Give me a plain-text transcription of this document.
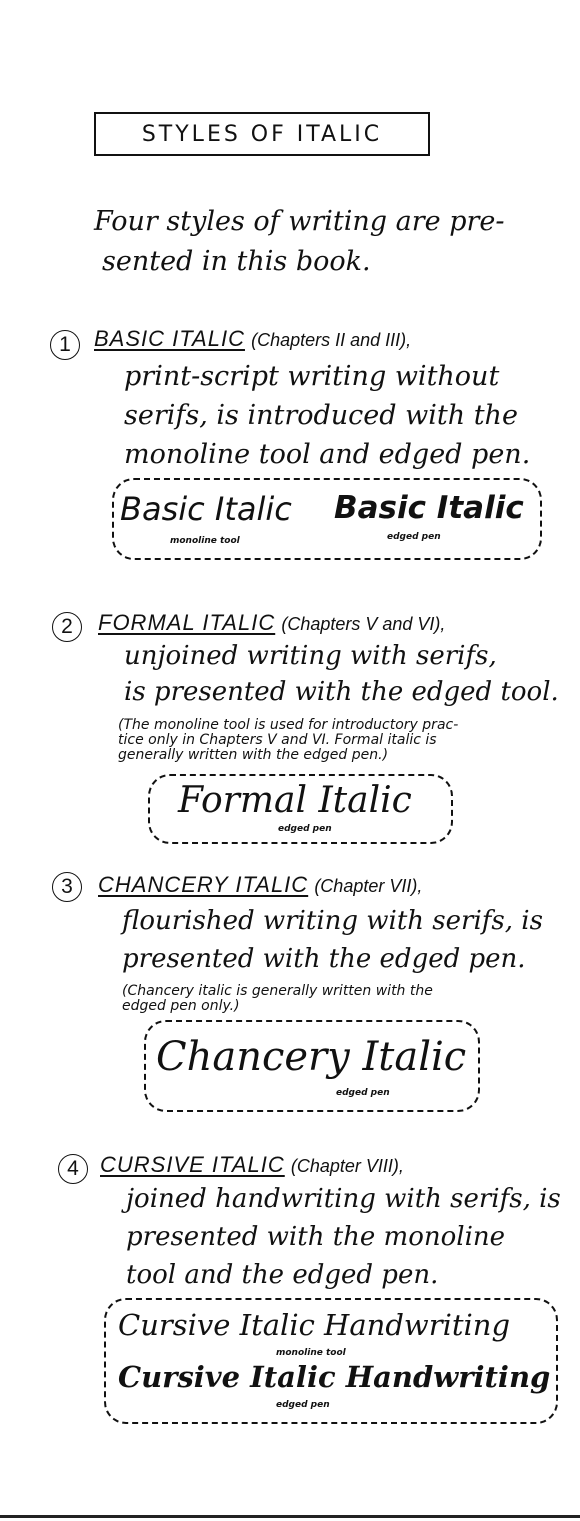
STYLES OF ITALIC
Four styles of writing are pre-

sented in this book.
1 BASIC ITALIC (Chapters II and III),
print-script writing without
serifs, is introduced with the
monoline tool and edged pen.
Basic Italic
monoline tool
Basic Italic
edged pen
2 FORMAL ITALIC (Chapters V and VI),
unjoined writing with serifs,
is presented with the edged tool.
(The monoline tool is used for introductory prac-
tice only in Chapters V and VI. Formal italic is
generally written with the edged pen.)
Formal Italic
edged pen
3 CHANCERY ITALIC (Chapter VII),
flourished writing with serifs, is
presented with the edged pen.
(Chancery italic is generally written with the
edged pen only.)
Chancery Italic
edged pen
4 CURSIVE ITALIC (Chapter VIII),
joined handwriting with serifs, is
presented with the monoline
tool and the edged pen.
Cursive Italic Handwriting
monoline tool
Cursive Italic Handwriting
edged pen
